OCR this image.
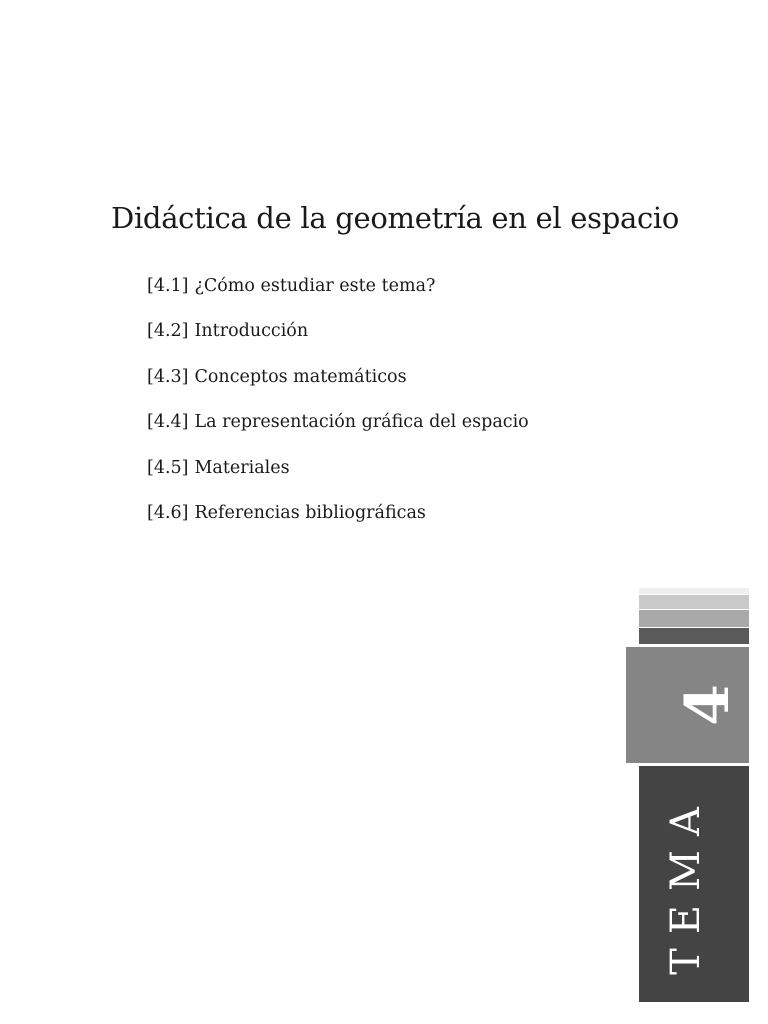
Didáctica de la geometría en el espacio
[4.1] ¿Cómo estudiar este tema?
[4.2] Introducción
[4.3] Conceptos matemáticos
[4.4] La representación gráfica del espacio
[4.5] Materiales
[4.6] Referencias bibliográficas
4
TEMA
